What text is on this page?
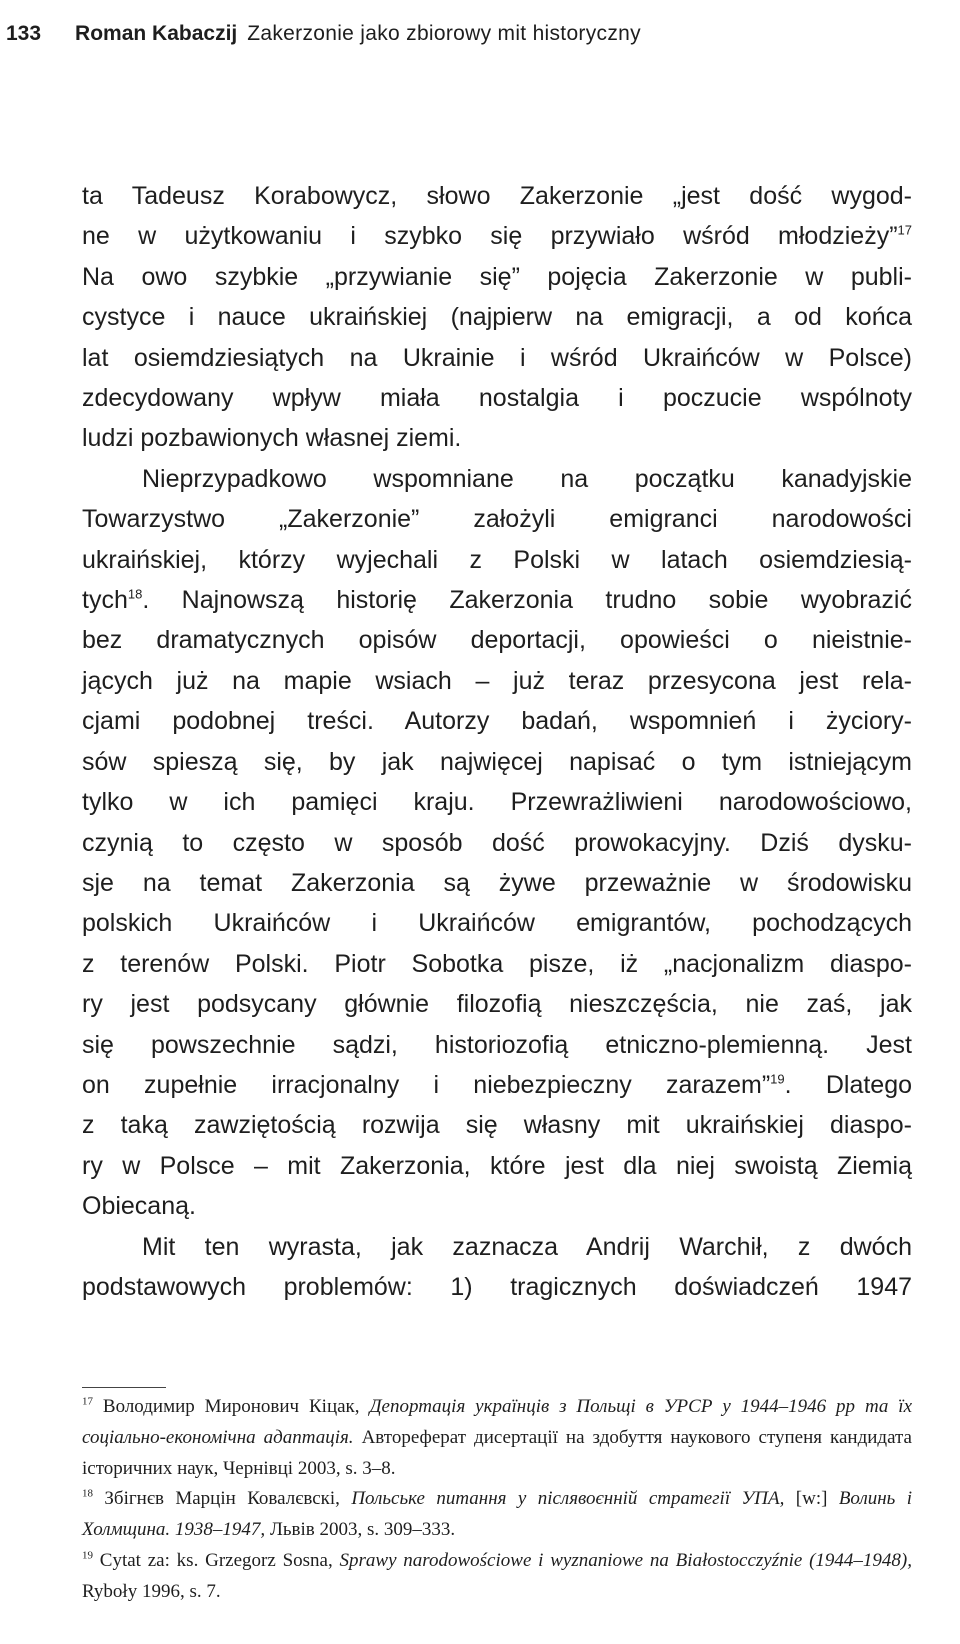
133 Roman Kabaczij Zakerzonie jako zbiorowy mit historyczny
ta Tadeusz Korabowycz, słowo Zakerzonie „jest dość wygod-
ne w użytkowaniu i szybko się przywiało wśród młodzieży”$^{17}$
Na owo szybkie „przywianie się” pojęcia Zakerzonie w publi-
cystyce i nauce ukraińskiej (najpierw na emigracji, a od końca
lat osiemdziesiątych na Ukrainie i wśród Ukraińców w Polsce)
zdecydowany wpływ miała nostalgia i poczucie wspólnoty
ludzi pozbawionych własnej ziemi.
Nieprzypadkowo wspomniane na początku kanadyjskie
Towarzystwo „Zakerzonie” założyli emigranci narodowości
ukraińskiej, którzy wyjechali z Polski w latach osiemdziesią-
tych$^{18}$. Najnowszą historię Zakerzonia trudno sobie wyobrazić
bez dramatycznych opisów deportacji, opowieści o nieistnie-
jących już na mapie wsiach – już teraz przesycona jest rela-
cjami podobnej treści. Autorzy badań, wspomnień i życiory-
sów spieszą się, by jak najwięcej napisać o tym istniejącym
tylko w ich pamięci kraju. Przewrażliwieni narodowościowo,
czynią to często w sposób dość prowokacyjny. Dziś dysku-
sje na temat Zakerzonia są żywe przeważnie w środowisku
polskich Ukraińców i Ukraińców emigrantów, pochodzących
z terenów Polski. Piotr Sobotka pisze, iż „nacjonalizm diaspo-
ry jest podsycany głównie filozofią nieszczęścia, nie zaś, jak
się powszechnie sądzi, historiozofią etniczno-plemienną. Jest
on zupełnie irracjonalny i niebezpieczny zarazem”$^{19}$. Dlatego
z taką zawziętością rozwija się własny mit ukraińskiej diaspo-
ry w Polsce – mit Zakerzonia, które jest dla niej swoistą Ziemią
Obiecaną.
Mit ten wyrasta, jak zaznacza Andrij Warchił, z dwóch
podstawowych problemów: 1) tragicznych doświadczeń 1947
$^{17}$ Володимир Миронович Кіцак, Депортація українців з Польщі в УРСР у 1944–1946 рр та їх соціально-економічна адаптація. Автореферат дисертації на здобуття наукового ступеня кандидата історичних наук, Чернівці 2003, s. 3–8.
$^{18}$ Збігнєв Марцін Ковалєвскі, Польське питання у післявоєнній стратегії УПА, [w:] Волинь і Холмщина. 1938–1947, Львів 2003, s. 309–333.
$^{19}$ Cytat za: ks. Grzegorz Sosna, Sprawy narodowościowe i wyznaniowe na Białostocczyźnie (1944–1948), Ryboły 1996, s. 7.
